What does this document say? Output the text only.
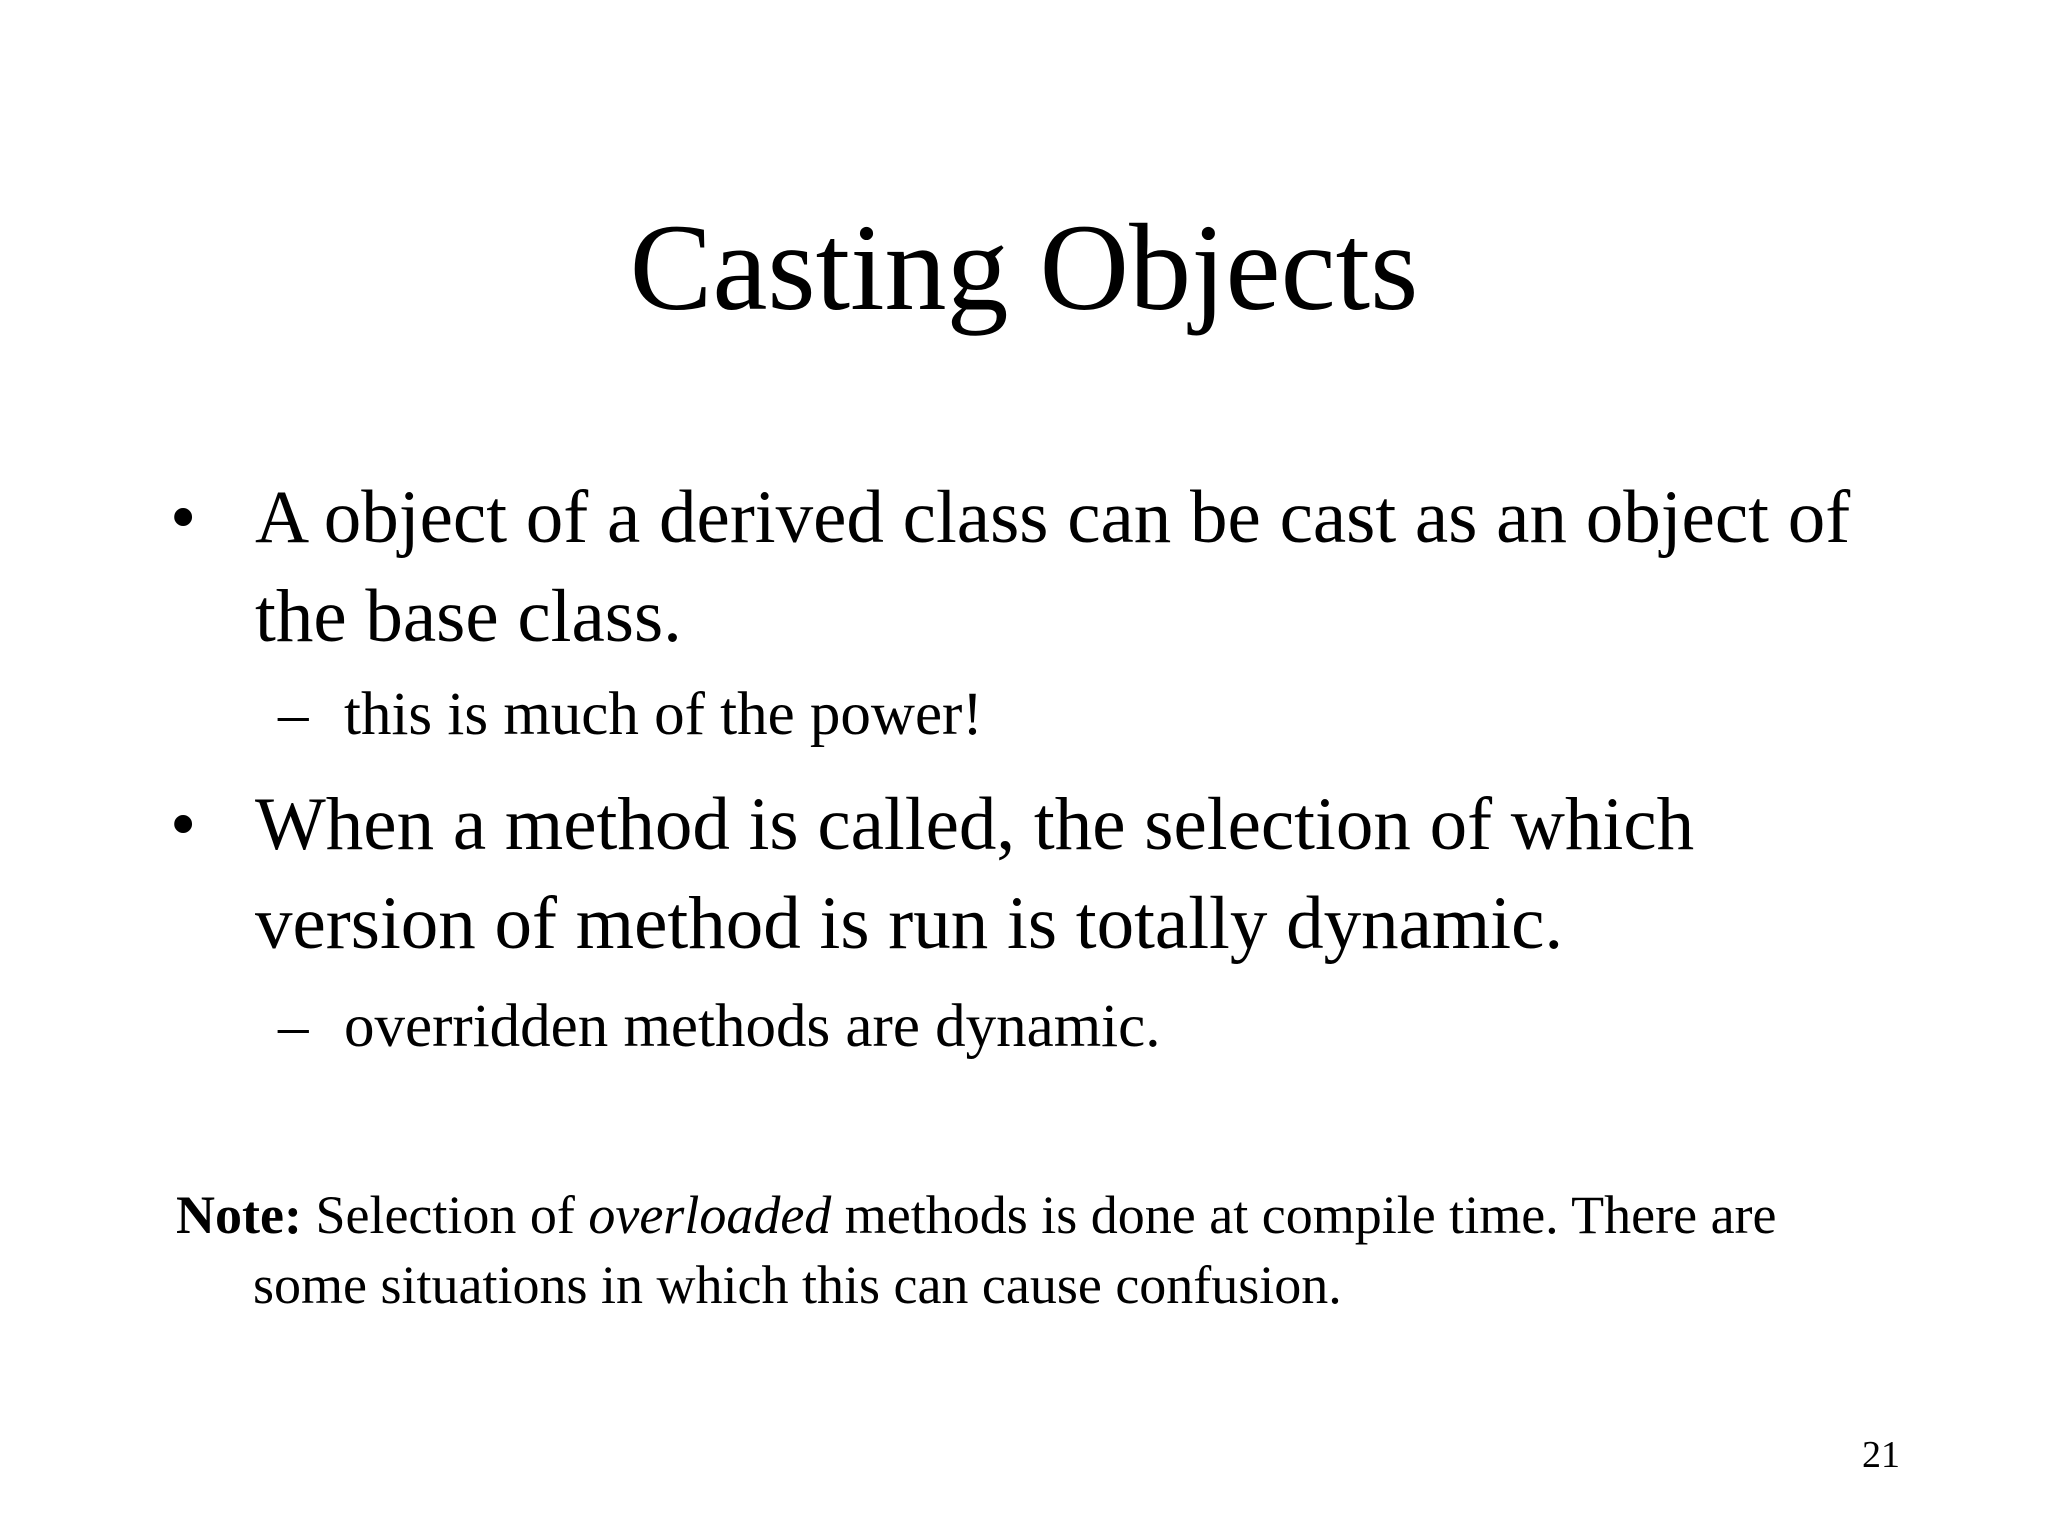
Casting Objects
• A object of a derived class can be cast as an object of the base class.
– this is much of the power!
• When a method is called, the selection of which version of method is run is totally dynamic.
– overridden methods are dynamic.
Note: Selection of overloaded methods is done at compile time. There are
some situations in which this can cause confusion.
21
